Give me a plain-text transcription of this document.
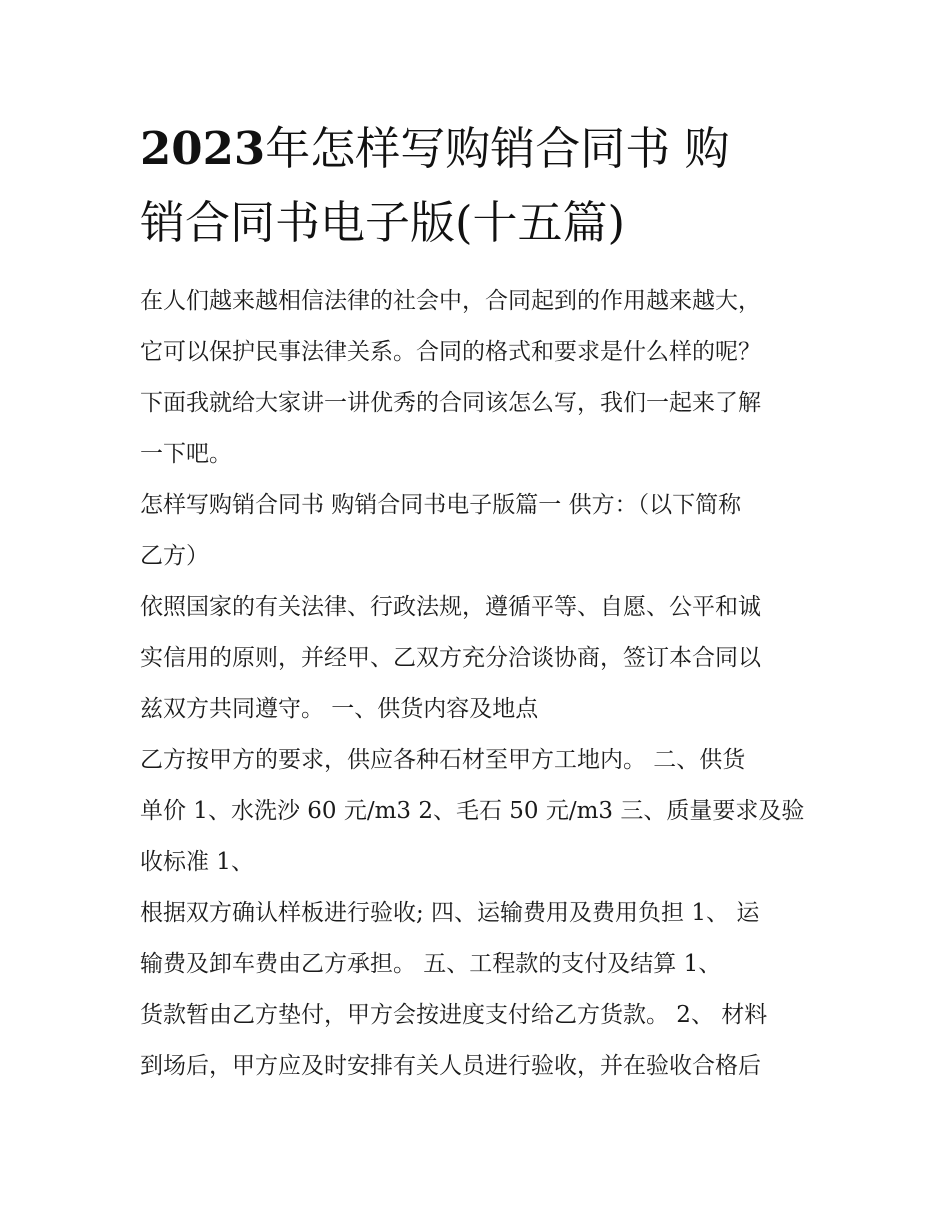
2023年怎样写购销合同书 购
销合同书电子版(十五篇)
在人们越来越相信法律的社会中，合同起到的作用越来越大，
它可以保护民事法律关系。合同的格式和要求是什么样的呢？
下面我就给大家讲一讲优秀的合同该怎么写，我们一起来了解
一下吧。
怎样写购销合同书 购销合同书电子版篇一 供方：（以下简称
乙方）
依照国家的有关法律、行政法规，遵循平等、自愿、公平和诚
实信用的原则，并经甲、乙双方充分洽谈协商，签订本合同以
兹双方共同遵守。 一、供货内容及地点
乙方按甲方的要求，供应各种石材至甲方工地内。 二、供货
单价 1、水洗沙 60 元/m3 2、毛石 50 元/m3 三、质量要求及验
收标准 1、
根据双方确认样板进行验收; 四、运输费用及费用负担 1、 运
输费及卸车费由乙方承担。 五、工程款的支付及结算 1、
货款暂由乙方垫付，甲方会按进度支付给乙方货款。 2、 材料
到场后，甲方应及时安排有关人员进行验收，并在验收合格后
